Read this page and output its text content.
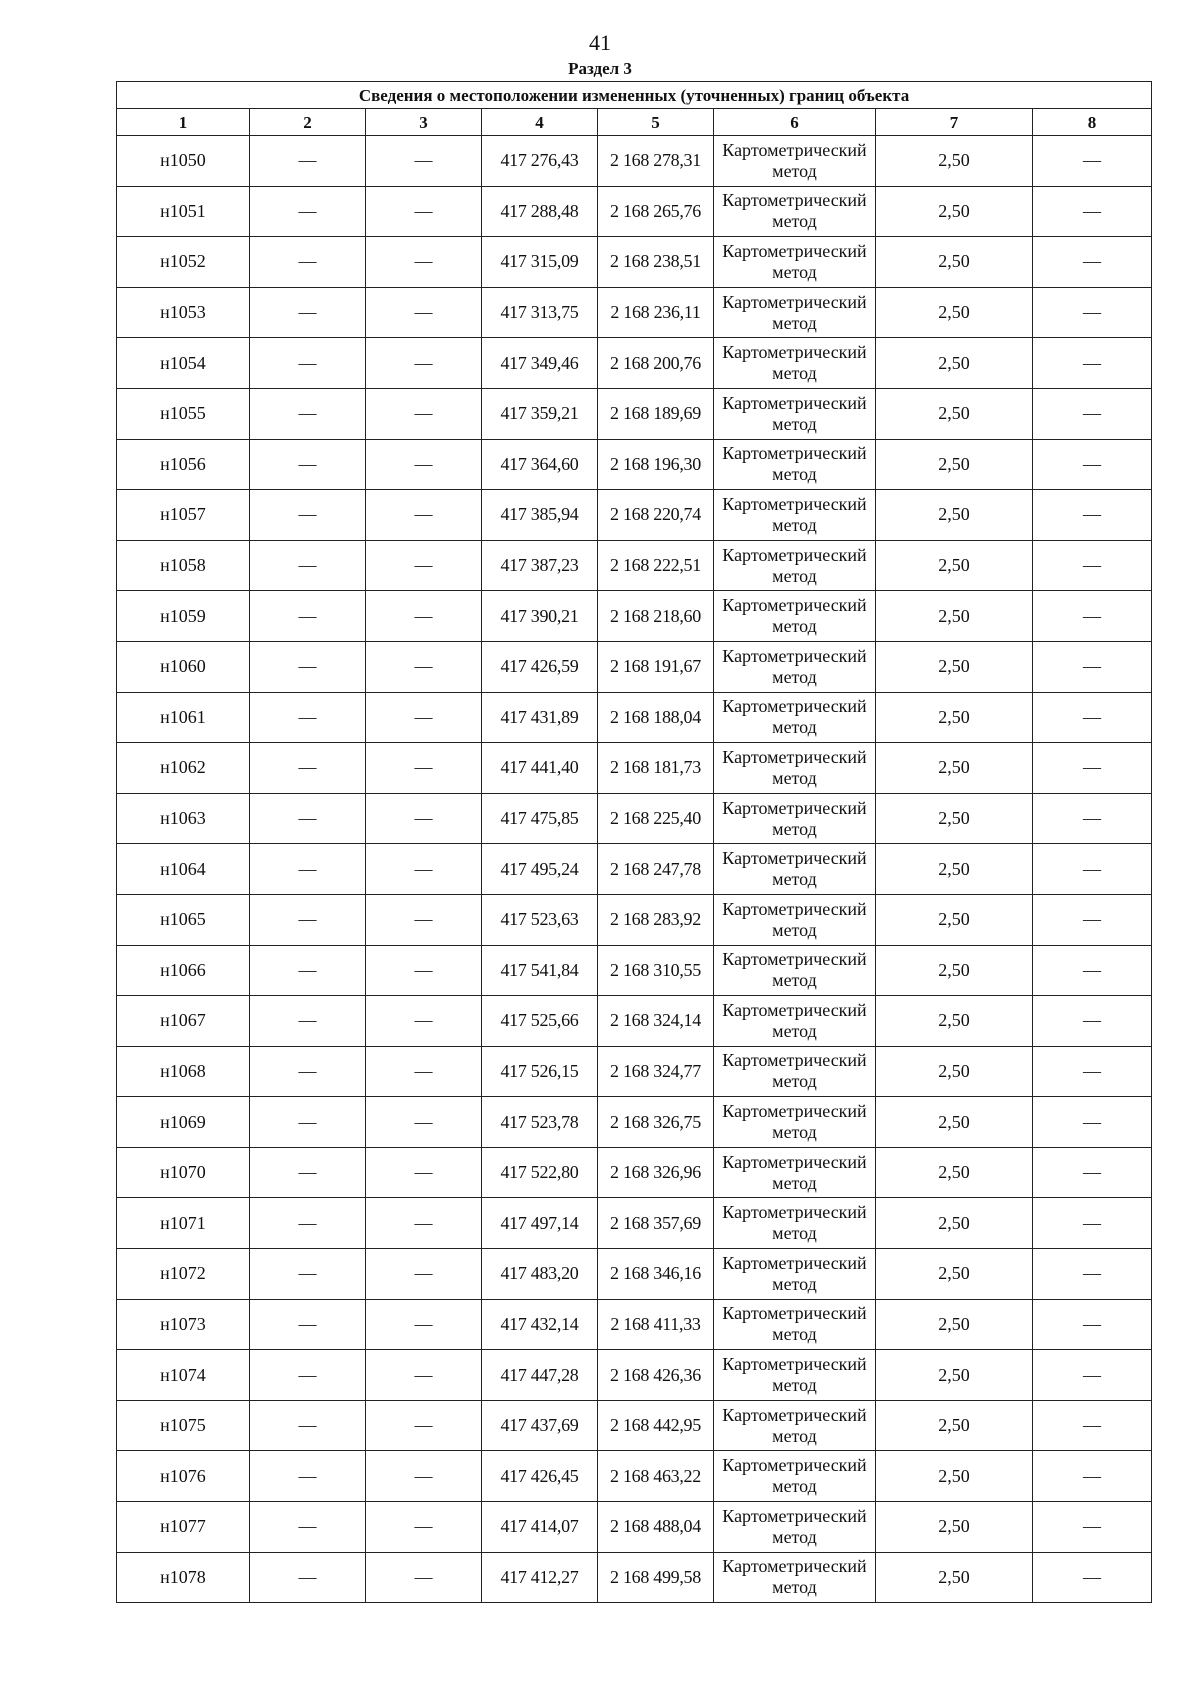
41
Раздел 3
Сведения о местоположении измененных (уточненных) границ объекта							
1	2	3	4	5	6	7	8
н1050	—	—	417 276,43	2 168 278,31	Картометрический метод	2,50	—
н1051	—	—	417 288,48	2 168 265,76	Картометрический метод	2,50	—
н1052	—	—	417 315,09	2 168 238,51	Картометрический метод	2,50	—
н1053	—	—	417 313,75	2 168 236,11	Картометрический метод	2,50	—
н1054	—	—	417 349,46	2 168 200,76	Картометрический метод	2,50	—
н1055	—	—	417 359,21	2 168 189,69	Картометрический метод	2,50	—
н1056	—	—	417 364,60	2 168 196,30	Картометрический метод	2,50	—
н1057	—	—	417 385,94	2 168 220,74	Картометрический метод	2,50	—
н1058	—	—	417 387,23	2 168 222,51	Картометрический метод	2,50	—
н1059	—	—	417 390,21	2 168 218,60	Картометрический метод	2,50	—
н1060	—	—	417 426,59	2 168 191,67	Картометрический метод	2,50	—
н1061	—	—	417 431,89	2 168 188,04	Картометрический метод	2,50	—
н1062	—	—	417 441,40	2 168 181,73	Картометрический метод	2,50	—
н1063	—	—	417 475,85	2 168 225,40	Картометрический метод	2,50	—
н1064	—	—	417 495,24	2 168 247,78	Картометрический метод	2,50	—
н1065	—	—	417 523,63	2 168 283,92	Картометрический метод	2,50	—
н1066	—	—	417 541,84	2 168 310,55	Картометрический метод	2,50	—
н1067	—	—	417 525,66	2 168 324,14	Картометрический метод	2,50	—
н1068	—	—	417 526,15	2 168 324,77	Картометрический метод	2,50	—
н1069	—	—	417 523,78	2 168 326,75	Картометрический метод	2,50	—
н1070	—	—	417 522,80	2 168 326,96	Картометрический метод	2,50	—
н1071	—	—	417 497,14	2 168 357,69	Картометрический метод	2,50	—
н1072	—	—	417 483,20	2 168 346,16	Картометрический метод	2,50	—
н1073	—	—	417 432,14	2 168 411,33	Картометрический метод	2,50	—
н1074	—	—	417 447,28	2 168 426,36	Картометрический метод	2,50	—
н1075	—	—	417 437,69	2 168 442,95	Картометрический метод	2,50	—
н1076	—	—	417 426,45	2 168 463,22	Картометрический метод	2,50	—
н1077	—	—	417 414,07	2 168 488,04	Картометрический метод	2,50	—
н1078	—	—	417 412,27	2 168 499,58	Картометрический метод	2,50	—
